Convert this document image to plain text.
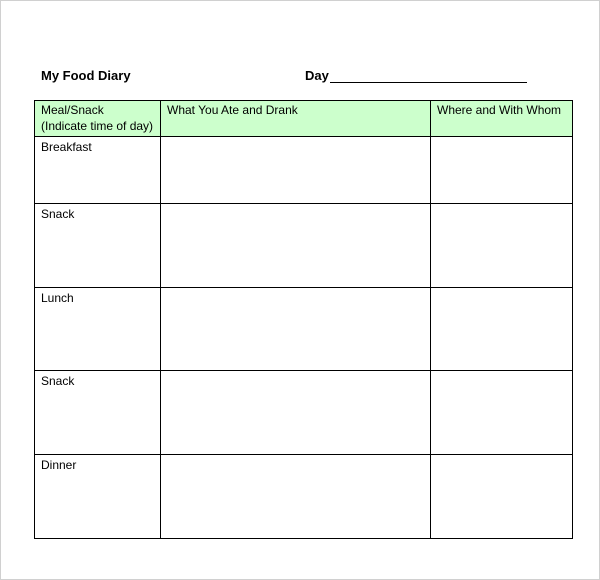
My Food Diary	Day
Meal/Snack
(Indicate time of day)	What You Ate and Drank	Where and With Whom

Breakfast		
Snack		
Lunch		
Snack		
Dinner		
